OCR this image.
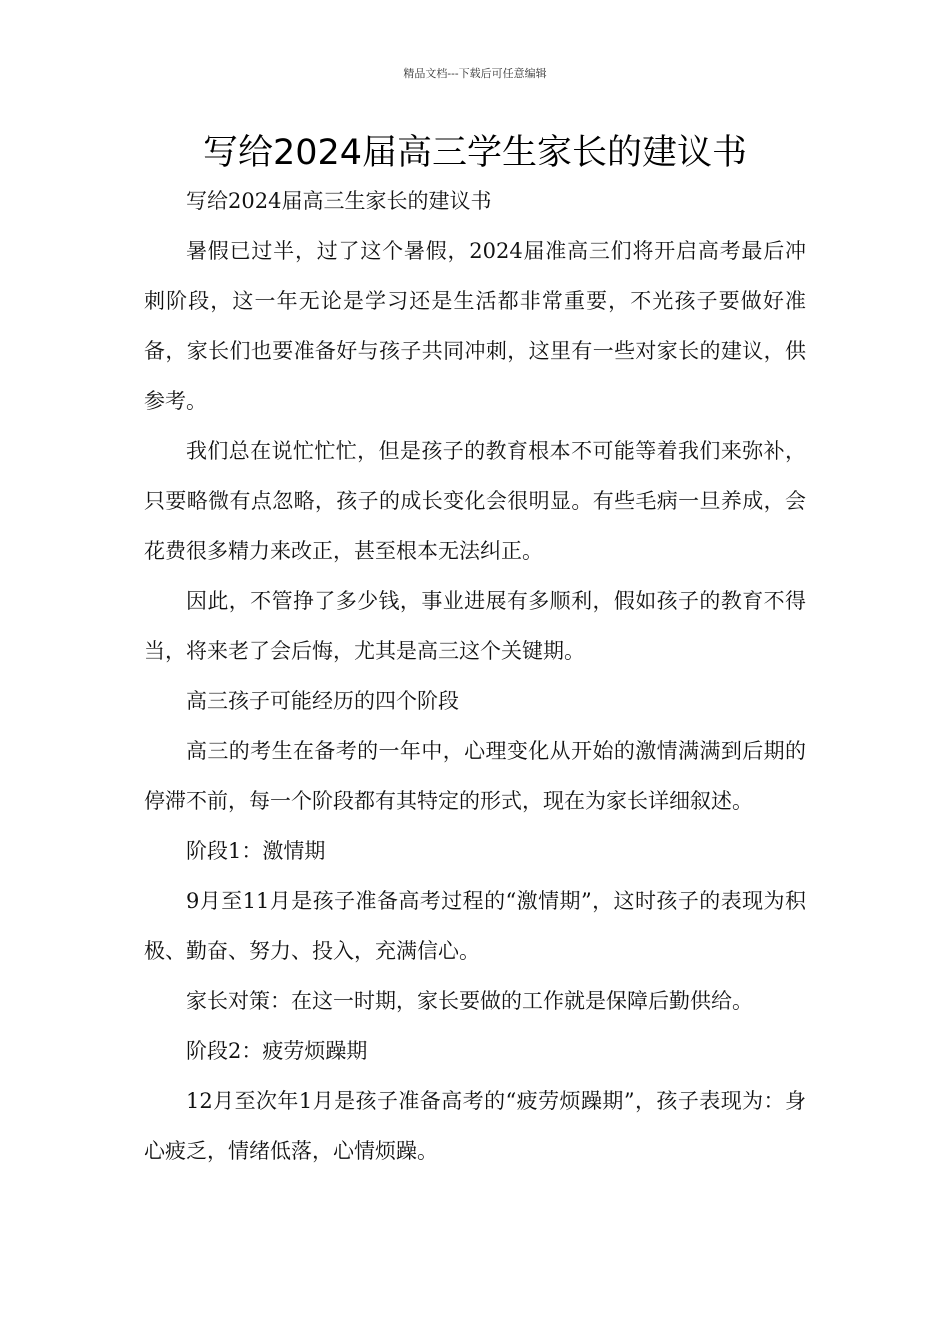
精品文档---下载后可任意编辑
写给2024届高三学生家长的建议书

写给2024届高三生家长的建议书

暑假已过半，过了这个暑假，2024届准高三们将开启高考最后冲刺阶段，这一年无论是学习还是生活都非常重要，不光孩子要做好准备，家长们也要准备好与孩子共同冲刺，这里有一些对家长的建议，供参考。

我们总在说忙忙忙，但是孩子的教育根本不可能等着我们来弥补，只要略微有点忽略，孩子的成长变化会很明显。有些毛病一旦养成，会花费很多精力来改正，甚至根本无法纠正。

因此，不管挣了多少钱，事业进展有多顺利，假如孩子的教育不得当，将来老了会后悔，尤其是高三这个关键期。

高三孩子可能经历的四个阶段

高三的考生在备考的一年中，心理变化从开始的激情满满到后期的停滞不前，每一个阶段都有其特定的形式，现在为家长详细叙述。

阶段1：激情期

9月至11月是孩子准备高考过程的“激情期”，这时孩子的表现为积极、勤奋、努力、投入，充满信心。

家长对策：在这一时期，家长要做的工作就是保障后勤供给。

阶段2：疲劳烦躁期

12月至次年1月是孩子准备高考的“疲劳烦躁期”，孩子表现为：身心疲乏，情绪低落，心情烦躁。
